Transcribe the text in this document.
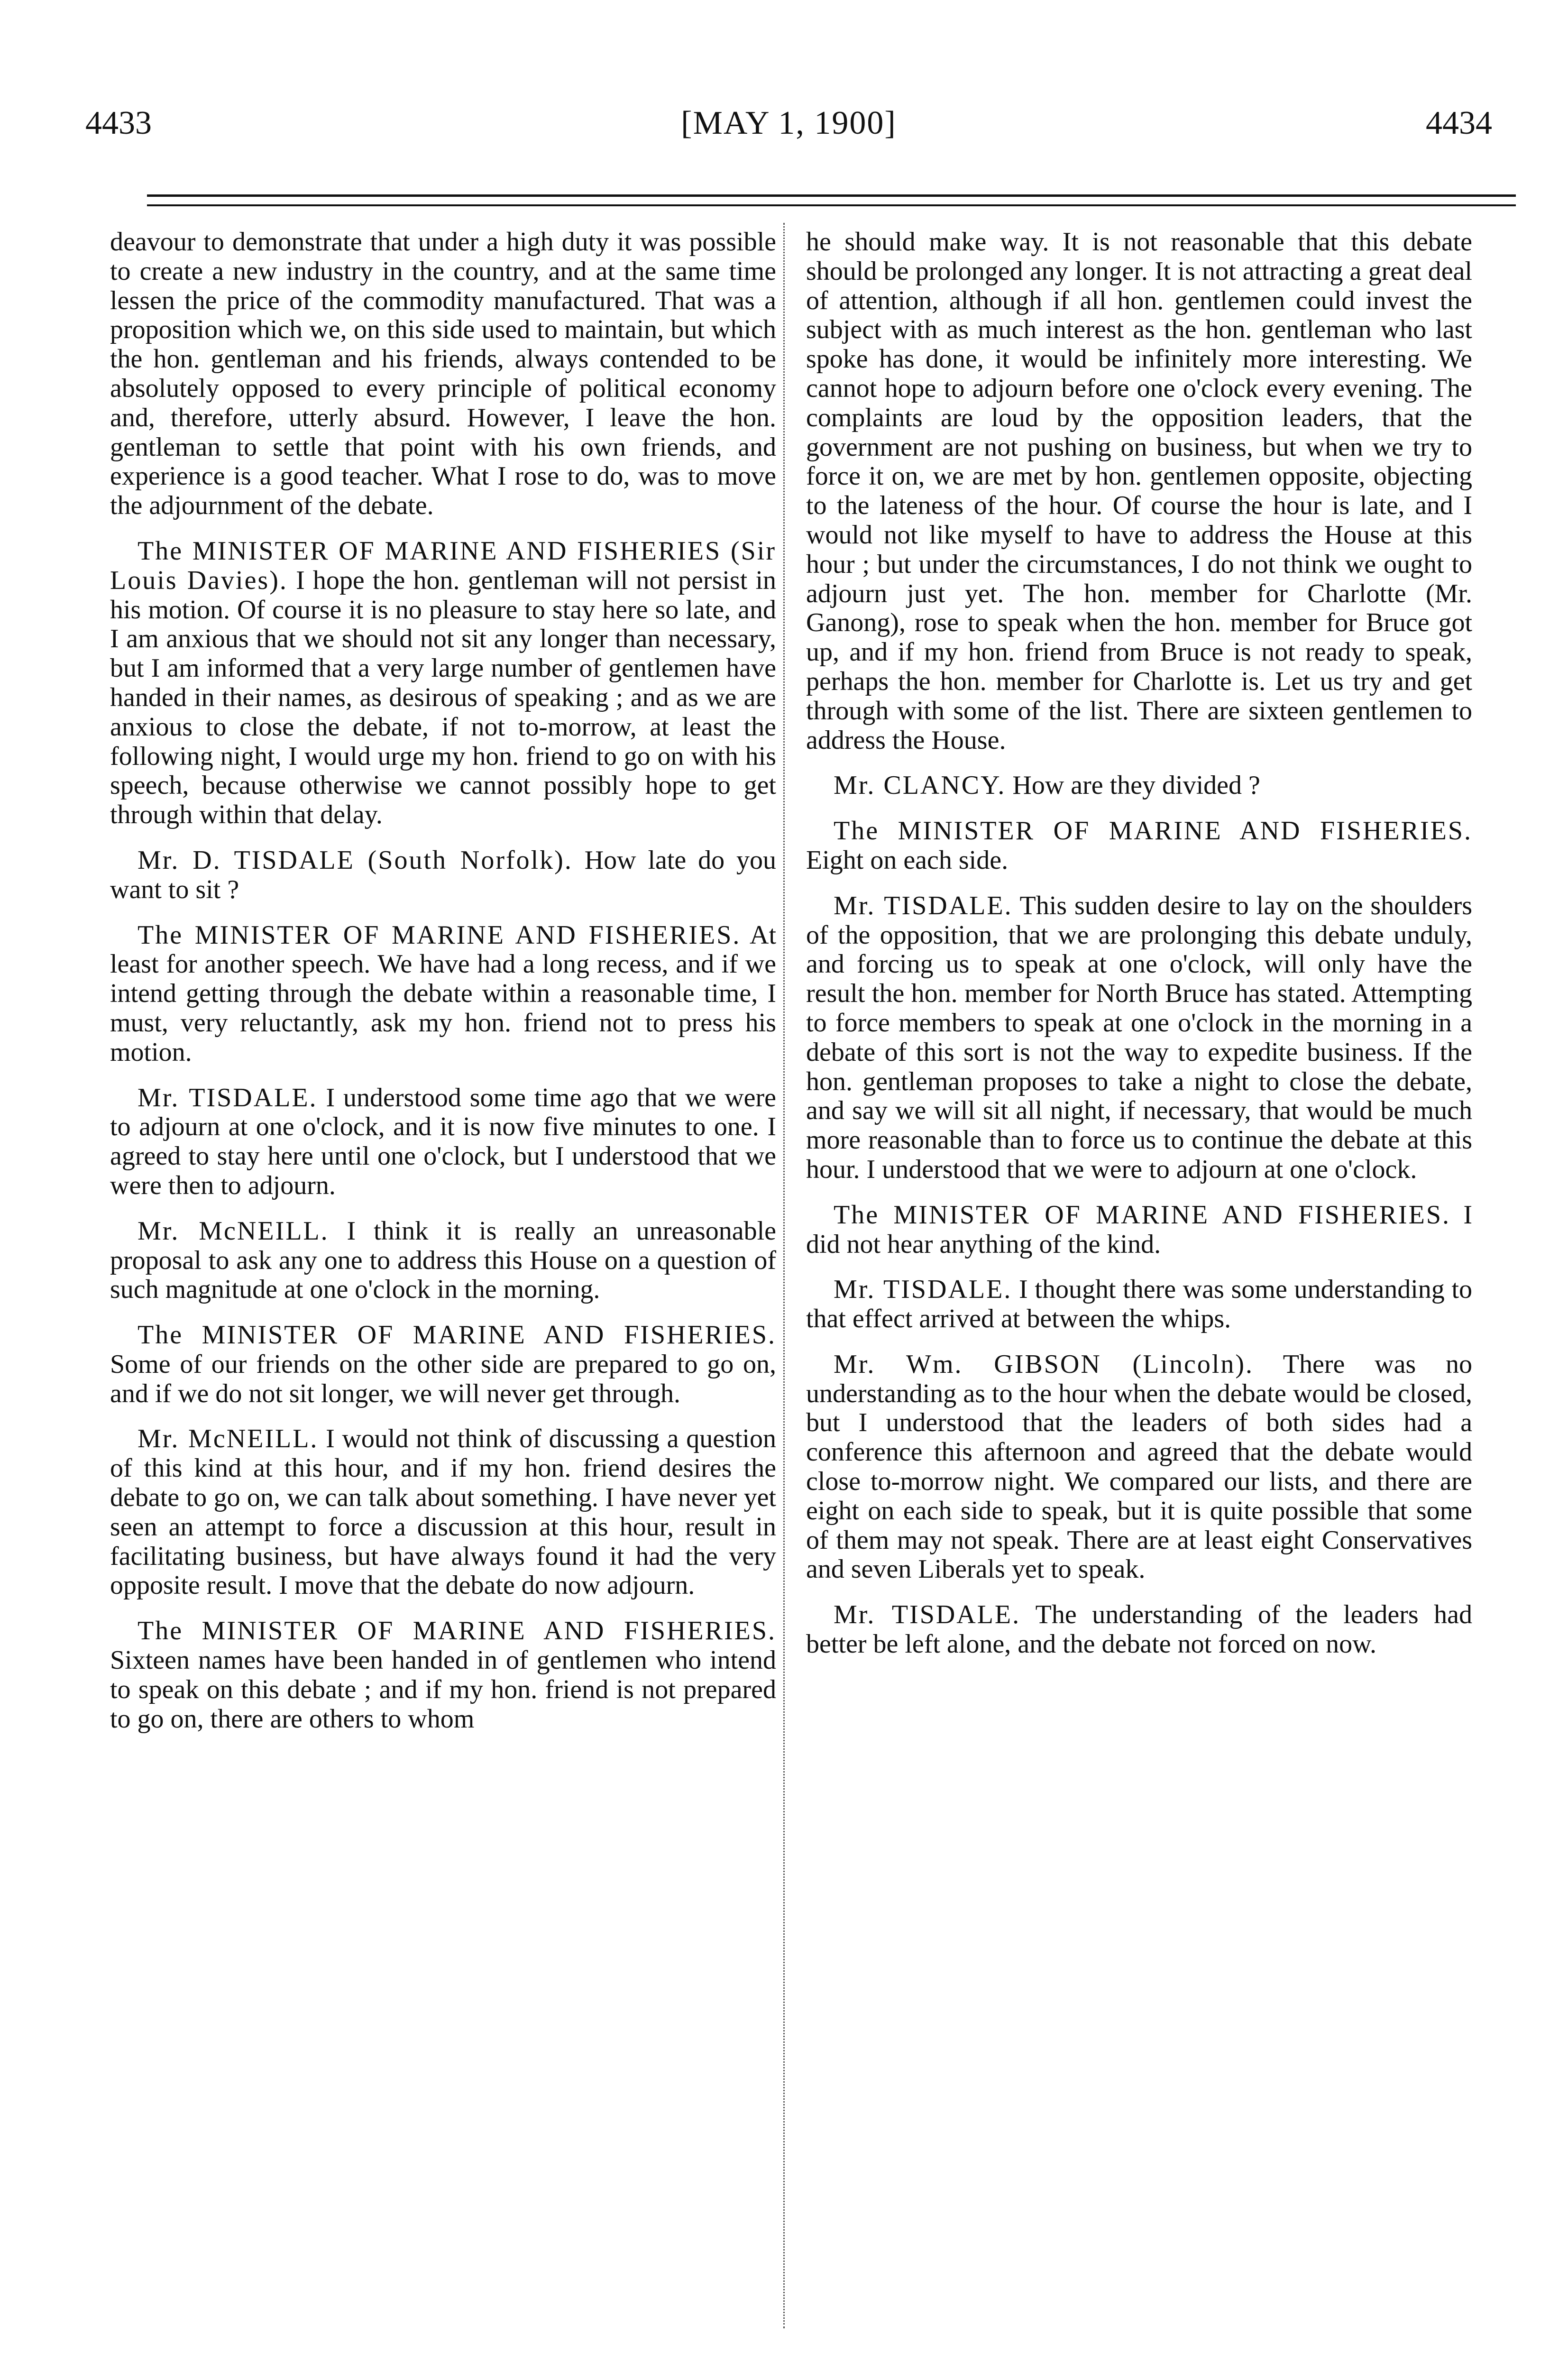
4433	[MAY 1, 1900]	4434

deavour to demonstrate that under a high duty it was possible to create a new industry in the country, and at the same time lessen the price of the commodity manufactured. That was a proposition which we, on this side used to maintain, but which the hon. gentleman and his friends, always contended to be absolutely opposed to every principle of political economy and, therefore, utterly absurd. However, I leave the hon. gentleman to settle that point with his own friends, and experience is a good teacher. What I rose to do, was to move the adjournment of the debate.

The MINISTER OF MARINE AND FISHERIES (Sir Louis Davies). I hope the hon. gentleman will not persist in his motion. Of course it is no pleasure to stay here so late, and I am anxious that we should not sit any longer than necessary, but I am informed that a very large number of gentlemen have handed in their names, as desirous of speaking ; and as we are anxious to close the debate, if not to-morrow, at least the following night, I would urge my hon. friend to go on with his speech, because otherwise we cannot possibly hope to get through within that delay.

Mr. D. TISDALE (South Norfolk). How late do you want to sit ?

The MINISTER OF MARINE AND FISHERIES. At least for another speech. We have had a long recess, and if we intend getting through the debate within a reasonable time, I must, very reluctantly, ask my hon. friend not to press his motion.

Mr. TISDALE. I understood some time ago that we were to adjourn at one o'clock, and it is now five minutes to one. I agreed to stay here until one o'clock, but I understood that we were then to adjourn.

Mr. McNEILL. I think it is really an unreasonable proposal to ask any one to address this House on a question of such magnitude at one o'clock in the morning.

The MINISTER OF MARINE AND FISHERIES. Some of our friends on the other side are prepared to go on, and if we do not sit longer, we will never get through.

Mr. McNEILL. I would not think of discussing a question of this kind at this hour, and if my hon. friend desires the debate to go on, we can talk about something. I have never yet seen an attempt to force a discussion at this hour, result in facilitating business, but have always found it had the very opposite result. I move that the debate do now adjourn.

The MINISTER OF MARINE AND FISHERIES. Sixteen names have been handed in of gentlemen who intend to speak on this debate ; and if my hon. friend is not prepared to go on, there are others to whom

he should make way. It is not reasonable that this debate should be prolonged any longer. It is not attracting a great deal of attention, although if all hon. gentlemen could invest the subject with as much interest as the hon. gentleman who last spoke has done, it would be infinitely more interesting. We cannot hope to adjourn before one o'clock every evening. The complaints are loud by the opposition leaders, that the government are not pushing on business, but when we try to force it on, we are met by hon. gentlemen opposite, objecting to the lateness of the hour. Of course the hour is late, and I would not like myself to have to address the House at this hour ; but under the circumstances, I do not think we ought to adjourn just yet. The hon. member for Charlotte (Mr. Ganong), rose to speak when the hon. member for Bruce got up, and if my hon. friend from Bruce is not ready to speak, perhaps the hon. member for Charlotte is. Let us try and get through with some of the list. There are sixteen gentlemen to address the House.

Mr. CLANCY. How are they divided ?

The MINISTER OF MARINE AND FISHERIES. Eight on each side.

Mr. TISDALE. This sudden desire to lay on the shoulders of the opposition, that we are prolonging this debate unduly, and forcing us to speak at one o'clock, will only have the result the hon. member for North Bruce has stated. Attempting to force members to speak at one o'clock in the morning in a debate of this sort is not the way to expedite business. If the hon. gentleman proposes to take a night to close the debate, and say we will sit all night, if necessary, that would be much more reasonable than to force us to continue the debate at this hour. I understood that we were to adjourn at one o'clock.

The MINISTER OF MARINE AND FISHERIES. I did not hear anything of the kind.

Mr. TISDALE. I thought there was some understanding to that effect arrived at between the whips.

Mr. Wm. GIBSON (Lincoln). There was no understanding as to the hour when the debate would be closed, but I understood that the leaders of both sides had a conference this afternoon and agreed that the debate would close to-morrow night. We compared our lists, and there are eight on each side to speak, but it is quite possible that some of them may not speak. There are at least eight Conservatives and seven Liberals yet to speak.

Mr. TISDALE. The understanding of the leaders had better be left alone, and the debate not forced on now.
